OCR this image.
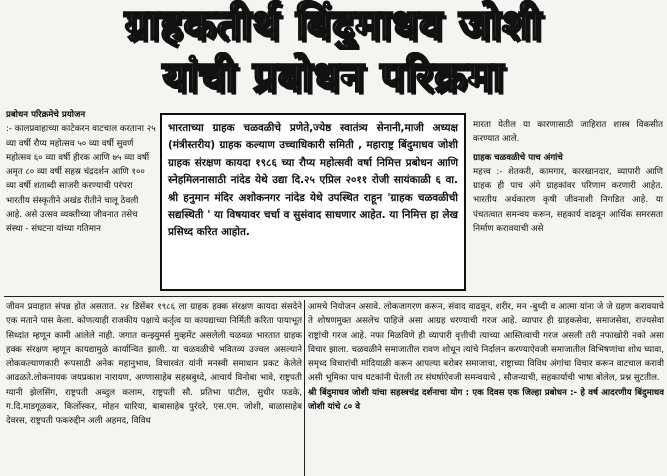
ग्राहकतीर्थ बिंदुमाधव जोशी
यांची प्रबोधन परिक्रमा

प्रबोधन परिक्रमेचे प्रयोजन

:- कालप्रवाहाच्या काटेकरन वाटचाल करताना २५ व्या वर्षी रौप्य महोत्सव ५० व्या वर्षी सुवर्ण महोत्सव ६० व्या वर्षी हीरक आणि ७५ व्या वर्षी अमृत ८० व्या वर्षी सहस्र चंद्रदर्शन आणि १०० व्या वर्षी शताब्दी साजरी करण्याची परंपरा भारतीय संस्कृतीने अखंड रीतीने चालू ठेवली आहे. असे उत्सव व्यक्तीच्या जीवनात तसेच संस्था - संघटना यांच्या गतिमान

भारताच्या ग्राहक चळवळीचे प्रणेते,ज्येष्ठ स्वातंत्र्य सेनानी,माजी अध्यक्ष (मंत्रीस्तरीय) ग्राहक कल्याण उच्चाधिकारी समिती , महाराष्ट्र बिंदुमाधव जोशी ग्राहक संरक्षण कायदा १९८६ च्या रौप्य महोत्सवी वर्षा निमित्त प्रबोधन आणि स्नेहमिलनासाठी नांदेड येथे उद्या दि.२५ एप्रिल २०११ रोजी सायंकाळी ६ वा. श्री हनुमान मंदिर अशोकनगर नांदेड येथे उपस्थित राहून 'ग्राहक चळवळीची सद्यस्थिती ' या विषयावर चर्चा व सुसंवाद साधणार आहेत. या निमित्त हा लेख प्रसिध्द करित आहोत.

मारता येतील या कारणासाठी जाहिरात शास्त्र विकसीत करण्यात आले.

ग्राहक चळवळीचे पाच अंगांचे

महत्त्व :- शेतकरी, कामगार, कारखानदार, व्यापारी आणि ग्राहक ही पाच अंगे ग्राहकांवर परिणाम करणारी आहेत. भारतीय अर्थकारण कृषी जीवनाशी निगडित आहे. या पंचतत्वात समन्वय करून, सहकार्य वाढवून आर्थिक समरसता निर्माण करावयाची असे

जीवन प्रवाहात संपन्न होत असतात. २४ डिसेंबर १९८६ ला ग्राहक हक्क संरक्षण कायदा संसदेने एक मताने पास केला. कोणत्याही राजकीय पक्षाचे कर्तृत्व या कायद्याच्या निर्मिती करिता पायाभूत सिध्दांत म्हणून कामी आलेले नाही. जगात कन्झ्युमर्स मुव्हमेंट असलेली चळवळ भारतात ग्राहक हक्क संरक्षण म्हणून कायद्यामुळे कार्यान्वित झाली. या चळवळीचे भवितव्य उज्वल असल्याने लोककल्याणकारी रूपसाठी अनेक महानुभाव, विचारवंत यांनी मनस्वी समाधान प्रकट केलेले आढळते.लोकनायक जयप्रकाश नारायण, अण्णासाहेब सहस्रबुध्दे, आचार्य विनोबा भावे, राष्ट्रपती ग्यानी झेलसिंग, राष्ट्रपती अब्दुल कलाम, राष्ट्रपती सौ. प्रतिभा पाटील, सुधीर फडके, ग.दि.माडगूळकर, किर्लोस्कर, मोहन धारिया, बाबासाहेब पुरंदरे, एस.एम. जोशी, बाळासाहेब देवरस, राष्ट्रपती फकरुद्दीन अली अहमद, विविध

आमचे नियोजन असावे. लोकजागरण करून, संवाद वाढवून, शरीर, मन -बुध्दी व आत्मा यांना जे जे ग्रहण करावयाचे ते शोषणमुक्त असलेच पाहिजे असा आग्रह धरण्याची गरज आहे. व्यापार ही ग्राहकसेवा, समाजसेवा, राज्यसेवा राष्ट्रांची गरज आहे. नफा मिळविणे ही व्यापारी वृत्तीची त्याच्या आस्तित्वाची गरज असली तरी नफाखोरी नको असा विचार झाला. चळवळीने समाजातील रावण शोधून त्यांचे निर्दालन करण्याऐवजी समाजातील विभिषणांचा शोध घ्यावा, समृध्द विचारांची मांदियाळी करून आपल्या बरोबर समाजाचा, राष्ट्राच्या विविध अंगांचा विचार करून वाटचाल करावी असी भूमिका पाच घटकांनी घेतली तर संघर्षाऐवजी समन्वयाचे , सौजन्याची, सहकार्याची भाषा बोलेल, प्रश्न सुटतील.

श्री बिंदुमाधव जोशी यांचा सहस्त्रचंद्र दर्शनाचा योग : एक दिवस एक जिल्हा प्रबोधन :- हे वर्ष आदरणीय बिंदुमाधव जोशी यांचे ८० वे
